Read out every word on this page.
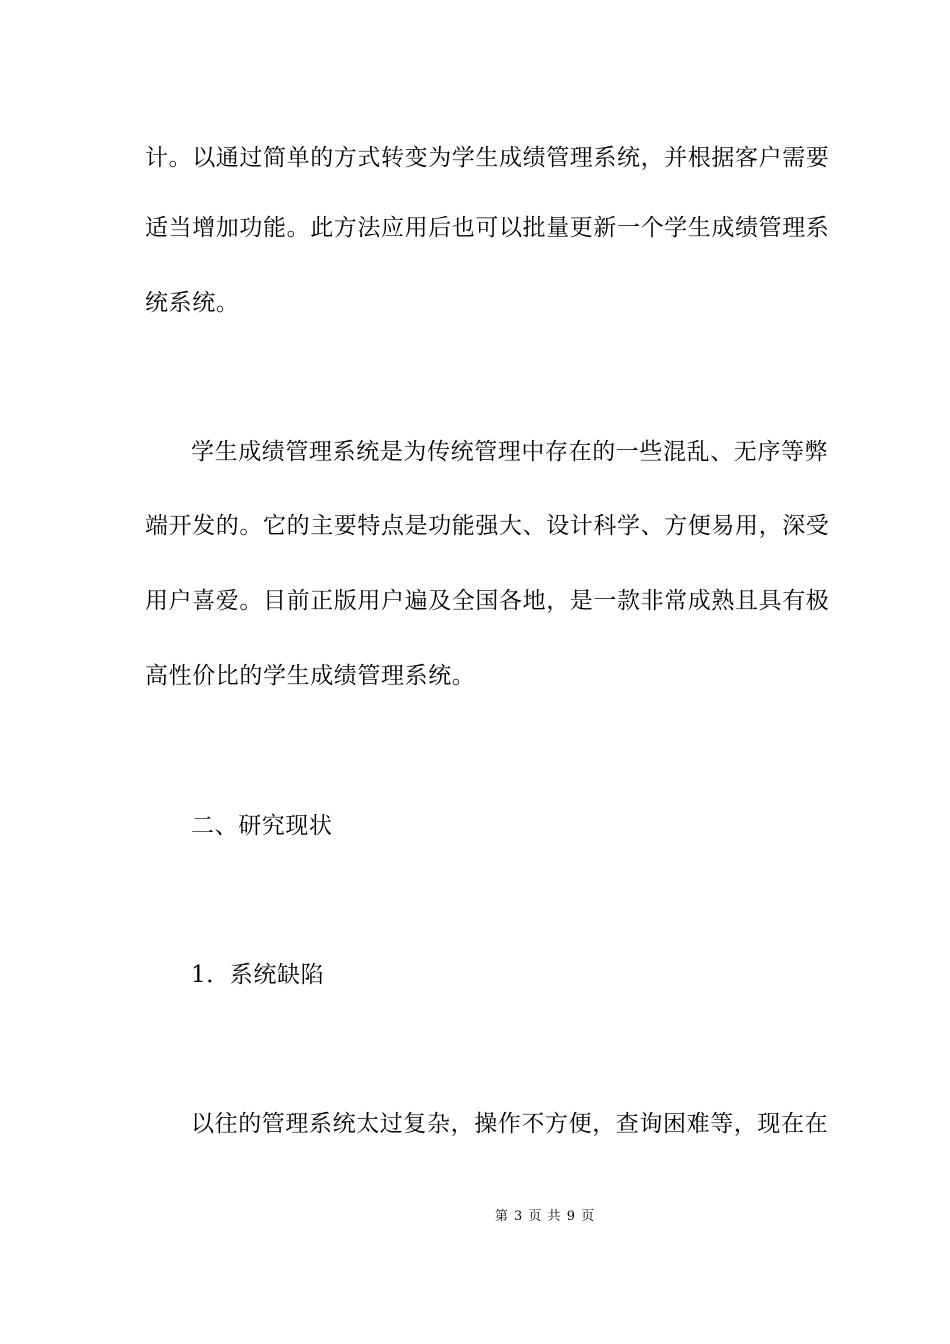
计。以通过简单的方式转变为学生成绩管理系统，并根据客户需要
适当增加功能。此方法应用后也可以批量更新一个学生成绩管理系
统系统。
学生成绩管理系统是为传统管理中存在的一些混乱、无序等弊
端开发的。它的主要特点是功能强大、设计科学、方便易用，深受
用户喜爱。目前正版用户遍及全国各地，是一款非常成熟且具有极
高性价比的学生成绩管理系统。
二、研究现状
1．系统缺陷
以往的管理系统太过复杂，操作不方便，查询困难等，现在在
第 3 页 共 9 页
